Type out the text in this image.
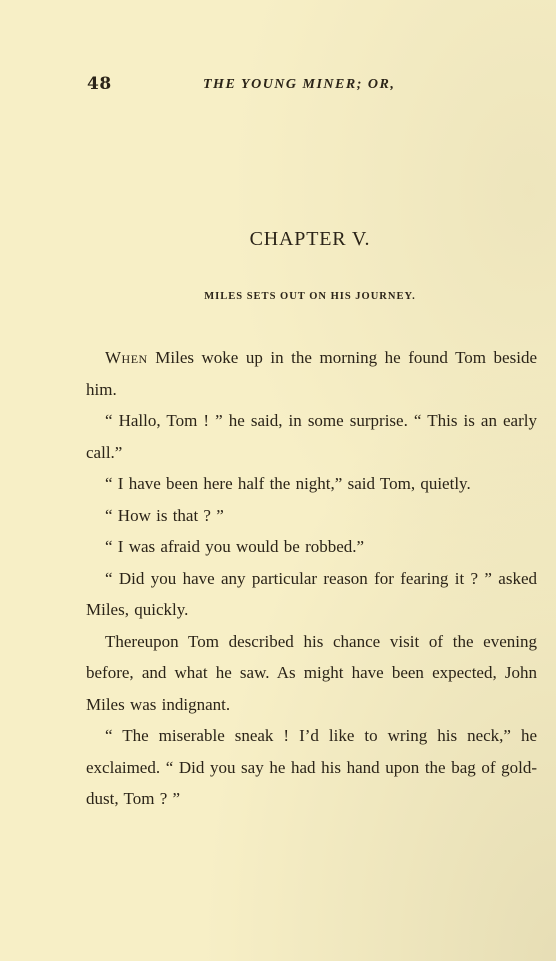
48	THE YOUNG MINER; OR,
CHAPTER V.
MILES SETS OUT ON HIS JOURNEY.

When Miles woke up in the morning he found Tom beside him.

“ Hallo, Tom ! ” he said, in some surprise. “ This is an early call.”

“ I have been here half the night,” said Tom, quietly.

“ How is that ? ”

“ I was afraid you would be robbed.”

“ Did you have any particular reason for fearing it ? ” asked Miles, quickly.

Thereupon Tom described his chance visit of the evening before, and what he saw. As might have been expected, John Miles was indignant.

“ The miserable sneak ! I’d like to wring his neck,” he exclaimed. “ Did you say he had his hand upon the bag of gold-dust, Tom ? ”
